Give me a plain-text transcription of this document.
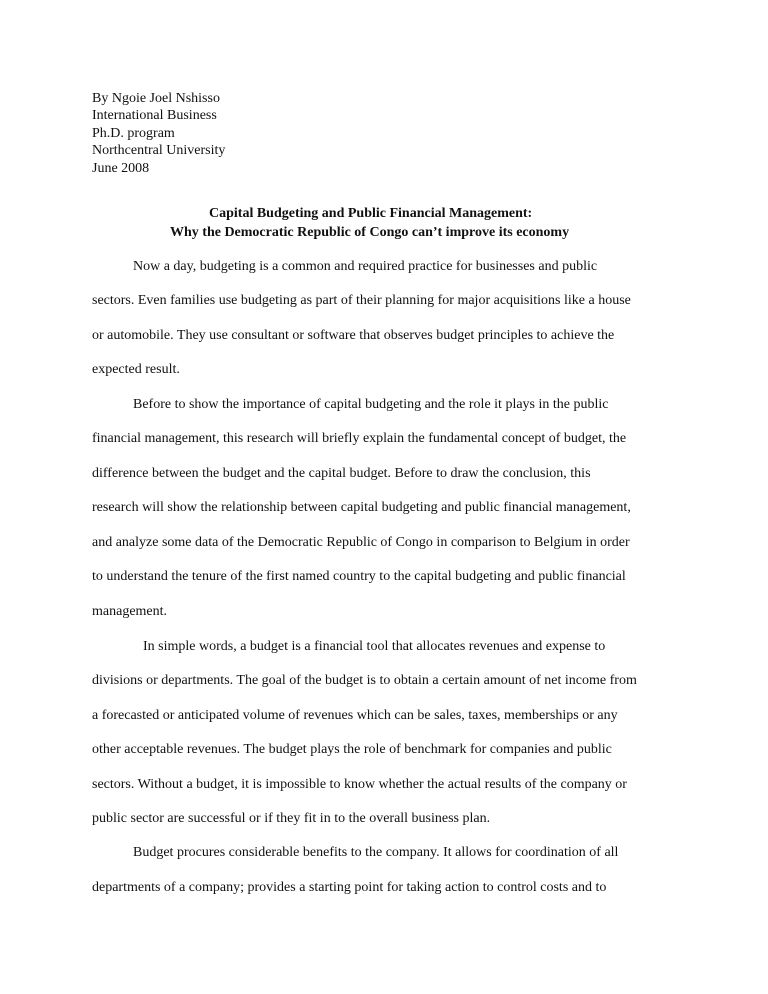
By Ngoie Joel Nshisso
International Business
Ph.D. program
Northcentral University
June 2008
Capital Budgeting and Public Financial Management:
Why the Democratic Republic of Congo can’t improve its economy
Now a day, budgeting is a common and required practice for businesses and public
sectors. Even families use budgeting as part of their planning for major acquisitions like a house
or automobile. They use consultant or software that observes budget principles to achieve the
expected result.
Before to show the importance of capital budgeting and the role it plays in the public
financial management, this research will briefly explain the fundamental concept of budget, the
difference between the budget and the capital budget. Before to draw the conclusion, this
research will show the relationship between capital budgeting and public financial management,
and analyze some data of the Democratic Republic of Congo in comparison to Belgium in order
to understand the tenure of the first named country to the capital budgeting and public financial
management.
In simple words, a budget is a financial tool that allocates revenues and expense to
divisions or departments. The goal of the budget is to obtain a certain amount of net income from
a forecasted or anticipated volume of revenues which can be sales, taxes, memberships or any
other acceptable revenues. The budget plays the role of benchmark for companies and public
sectors. Without a budget, it is impossible to know whether the actual results of the company or
public sector are successful or if they fit in to the overall business plan.
Budget procures considerable benefits to the company. It allows for coordination of all
departments of a company; provides a starting point for taking action to control costs and to
